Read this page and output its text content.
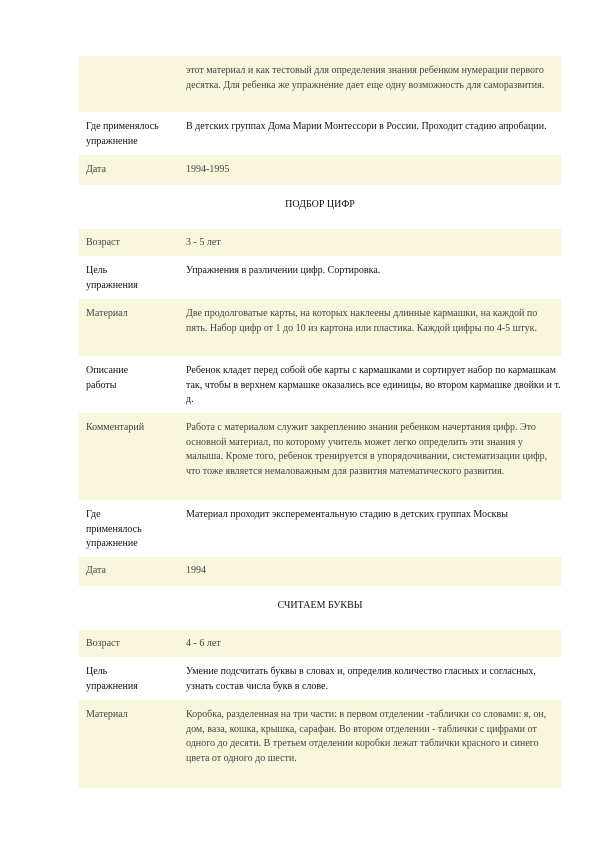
	этот материал и как тестовый для определения знания ребенком нумерации первого десятка. Для ребенка же упражнение дает еще одну возможность для саморазвития.
Где применялось упражнение	В детских группах Дома Марии Монтессори в России. Проходит стадию апробации.
Дата	1994-1995
ПОДБОР ЦИФР
Возраст	3 - 5 лет
Цель упражнения	Упражнения в различении цифр. Сортировка.
Материал	Две продолговатые карты, на которых наклеены длинные кармашки, на каждой по пять. Набор цифр от 1 до 10 из картона или пластика. Каждой цифры по 4-5 штук.
Описание работы	Ребенок кладет перед собой обе карты с кармашками и сортирует набор по кармашкам так, чтобы в верхнем кармашке оказались все единицы, во втором кармашке двойки и т. д.
Комментарий	Работа с материалом служит закреплению знания ребенком начертания цифр. Это основной материал, по которому учитель может легко определить эти знания у малыша. Кроме того, ребенок тренируется в упорядочивании, систематизации цифр, что тоже является немаловажным для развития математического развития.
Где применялось упражнение	Материал проходит эксперементальную стадию в детских группах Москвы
Дата	1994
СЧИТАЕМ БУКВЫ
Возраст	4 - 6 лет
Цель упражнения	Умение подсчитать буквы в словах и, определив количество гласных и согласных, узнать состав числа букв в слове.
Материал	Коробка, разделенная на три части: в первом отделении -таблички со словами: я, он, дом, ваза, кошка, крышка, сарафан. Во втором отделении - таблички с цифрами от одного до десяти. В третьем отделении коробки лежат таблички красного и синего цвета от одного до шести.
